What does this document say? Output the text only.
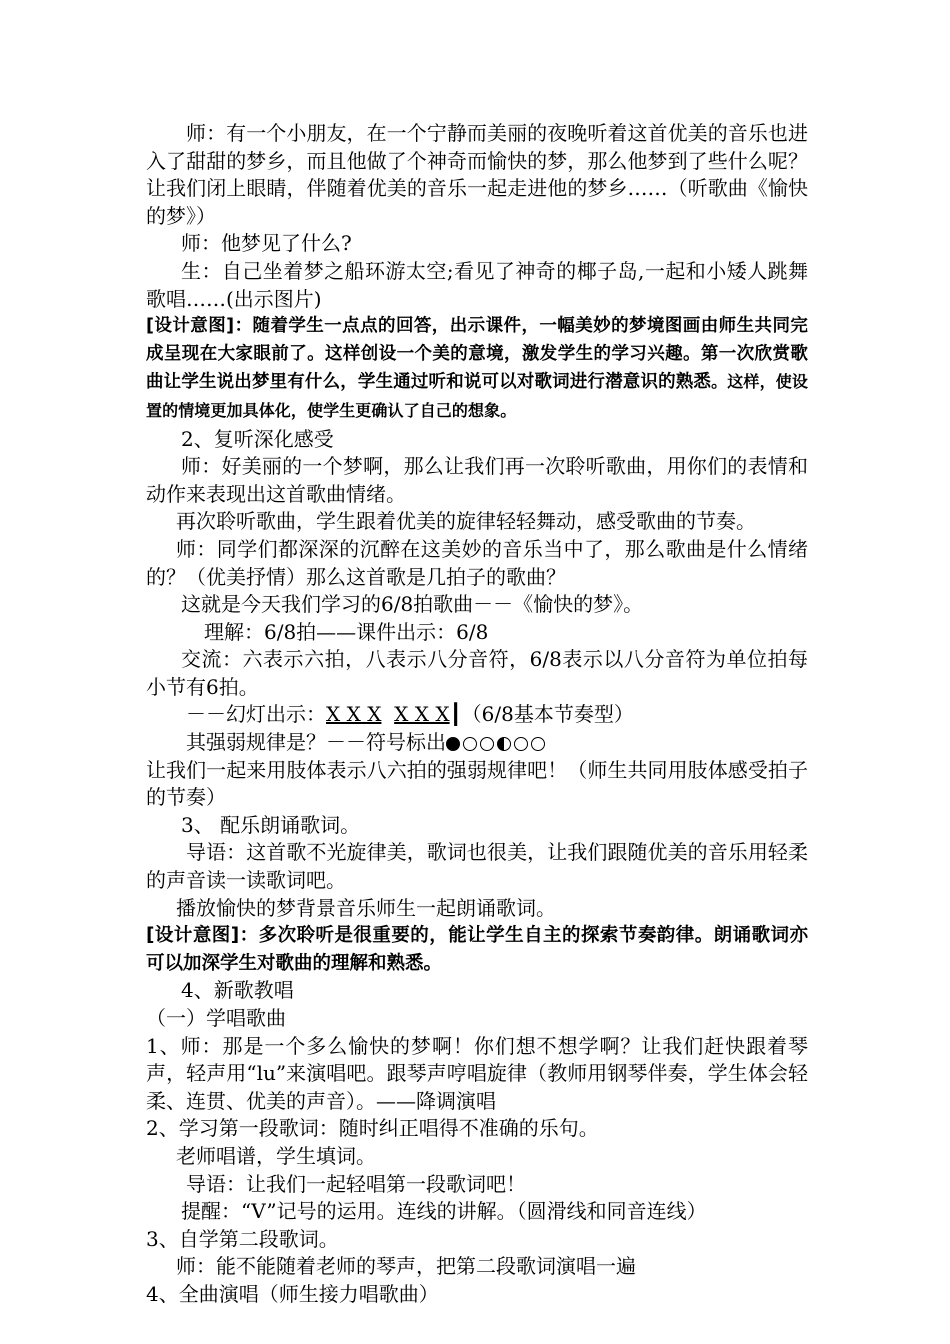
师：有一个小朋友，在一个宁静而美丽的夜晚听着这首优美的音乐也进入了甜甜的梦乡，而且他做了个神奇而愉快的梦，那么他梦到了些什么呢？让我们闭上眼睛，伴随着优美的音乐一起走进他的梦乡……（听歌曲《愉快的梦》）

师：他梦见了什么?

生：自己坐着梦之船环游太空;看见了神奇的椰子岛,一起和小矮人跳舞歌唱……(出示图片)

[设计意图]：随着学生一点点的回答，出示课件，一幅美妙的梦境图画由师生共同完成呈现在大家眼前了。这样创设一个美的意境，激发学生的学习兴趣。第一次欣赏歌曲让学生说出梦里有什么，学生通过听和说可以对歌词进行潜意识的熟悉。这样，使设置的情境更加具体化，使学生更确认了自己的想象。

2、复听深化感受

师：好美丽的一个梦啊，那么让我们再一次聆听歌曲，用你们的表情和动作来表现出这首歌曲情绪。

再次聆听歌曲，学生跟着优美的旋律轻轻舞动，感受歌曲的节奏。

师：同学们都深深的沉醉在这美妙的音乐当中了，那么歌曲是什么情绪的？（优美抒情）那么这首歌是几拍子的歌曲？

这就是今天我们学习的6/8拍歌曲－－《愉快的梦》。

理解：6/8拍——课件出示：6/8

交流：六表示六拍，八表示八分音符，6/8表示以八分音符为单位拍每小节有6拍。

－－幻灯出示：X X X X X X┃（6/8基本节奏型）

其强弱规律是？－－符号标出

让我们一起来用肢体表示八六拍的强弱规律吧！（师生共同用肢体感受拍子的节奏）

3、 配乐朗诵歌词。

导语：这首歌不光旋律美，歌词也很美，让我们跟随优美的音乐用轻柔的声音读一读歌词吧。

播放愉快的梦背景音乐师生一起朗诵歌词。

[设计意图]：多次聆听是很重要的，能让学生自主的探索节奏韵律。朗诵歌词亦可以加深学生对歌曲的理解和熟悉。

4、新歌教唱

（一）学唱歌曲

1、师：那是一个多么愉快的梦啊！你们想不想学啊？让我们赶快跟着琴声，轻声用“lu”来演唱吧。跟琴声哼唱旋律（教师用钢琴伴奏，学生体会轻柔、连贯、优美的声音）。——降调演唱

2、学习第一段歌词：随时纠正唱得不准确的乐句。

老师唱谱，学生填词。

导语：让我们一起轻唱第一段歌词吧！

提醒：“V”记号的运用。连线的讲解。（圆滑线和同音连线）

3、自学第二段歌词。

师：能不能随着老师的琴声，把第二段歌词演唱一遍

4、全曲演唱（师生接力唱歌曲）
